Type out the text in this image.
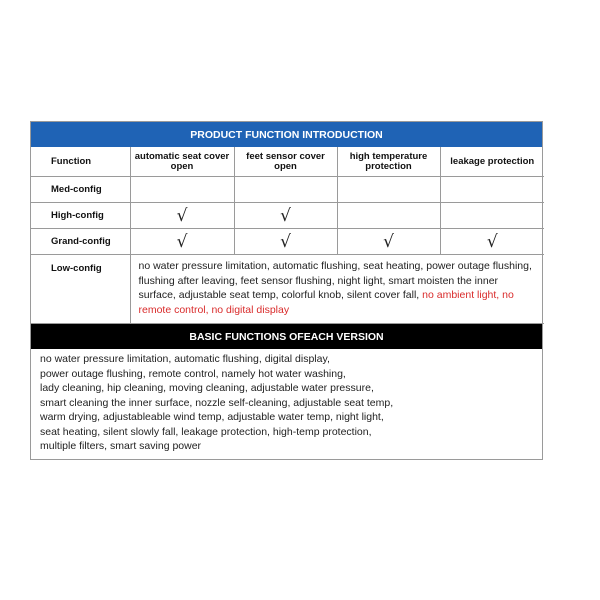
PRODUCT FUNCTION INTRODUCTION
Function	automatic seat cover open	feet sensor cover open	high temperature protection	leakage protection
Med-config				
High-config	√	√		
Grand-config	√	√	√	√
Low-config	no water pressure limitation, automatic flushing, seat heating, power outage flushing, flushing after leaving, feet sensor flushing, night light, smart moisten the inner surface, adjustable seat temp, colorful knob, silent cover fall, no ambient light, no remote control, no digital display			
BASIC FUNCTIONS OFEACH VERSION
no water pressure limitation, automatic flushing, digital display,
power outage flushing, remote control, namely hot water washing,
lady cleaning, hip cleaning, moving cleaning, adjustable water pressure,
smart cleaning the inner surface, nozzle self-cleaning, adjustable seat temp,
warm drying, adjustableable wind temp, adjustable water temp, night light,
seat heating, silent slowly fall, leakage protection, high-temp protection,
multiple filters, smart saving power
